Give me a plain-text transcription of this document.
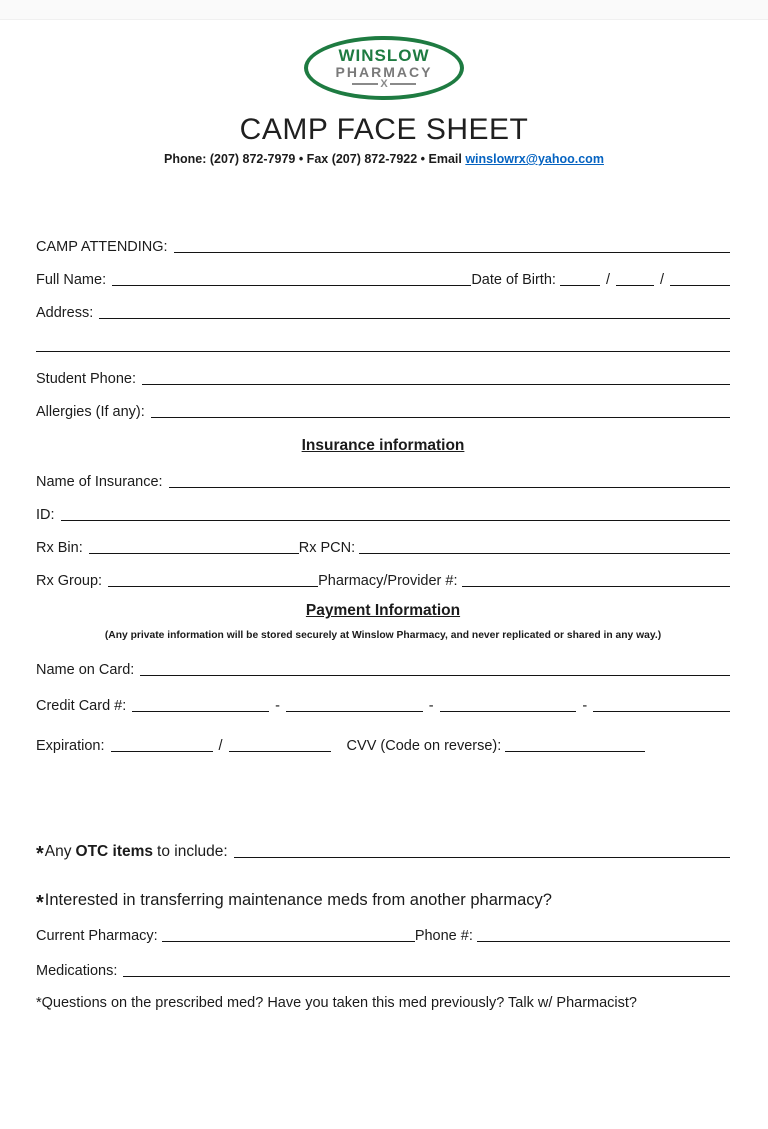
WINSLOW
PHARMACY
X
CAMP FACE SHEET
Phone: (207) 872-7979 • Fax (207) 872-7922 • Email winslowrx@yahoo.com
CAMP ATTENDING:
Full Name:	Date of Birth:	/	/
Address:
Student Phone:
Allergies (If any):
Insurance information
Name of Insurance:
ID:
Rx Bin:	Rx PCN:
Rx Group:	Pharmacy/Provider #:
Payment Information
(Any private information will be stored securely at Winslow Pharmacy, and never replicated or shared in any way.)
Name on Card:
Credit Card #:	-	-	-
Expiration:	/	CVV (Code on reverse):
* Any OTC items to include:
* Interested in transferring maintenance meds from another pharmacy?
Current Pharmacy:	Phone #:
Medications:
*Questions on the prescribed med? Have you taken this med previously? Talk w/ Pharmacist?
